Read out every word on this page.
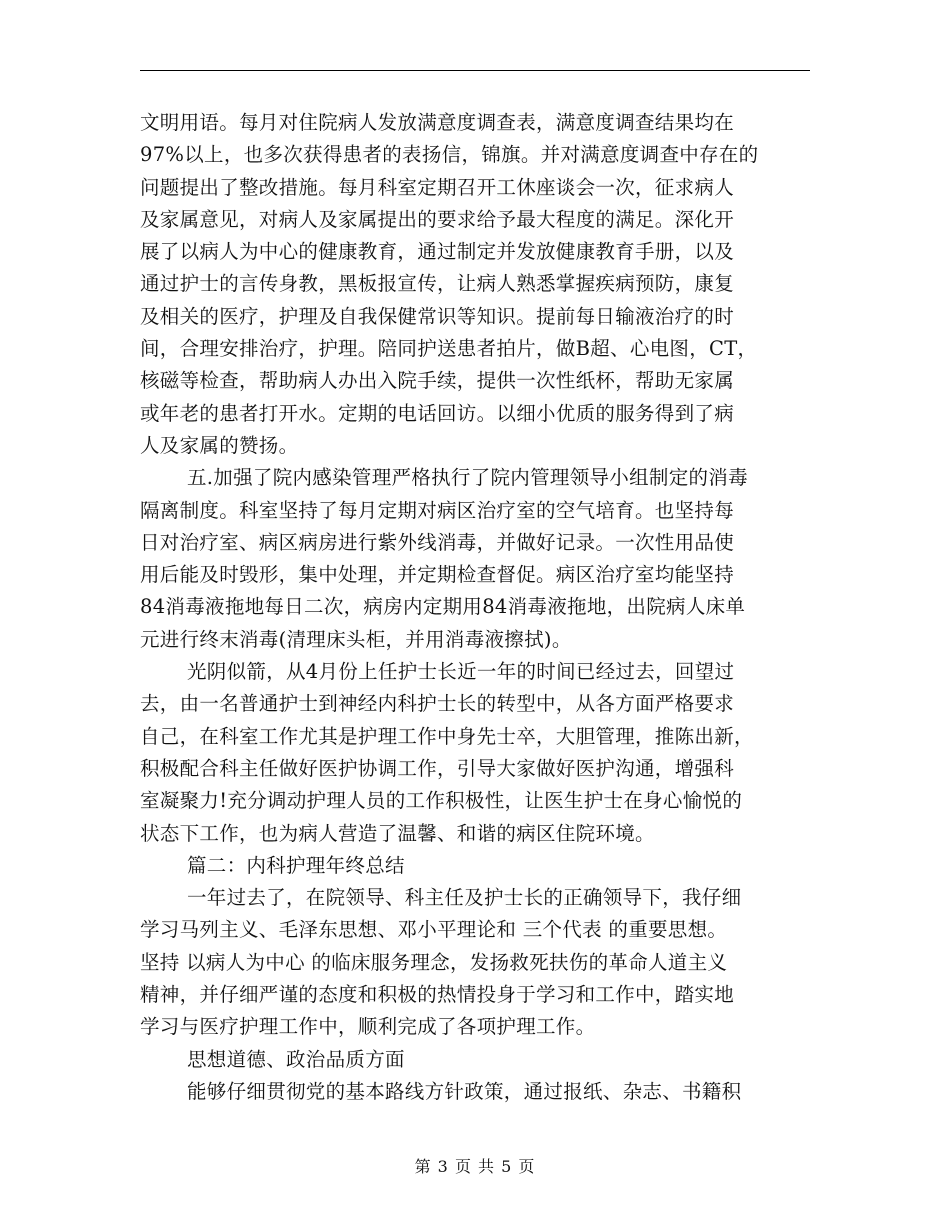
文明用语。每月对住院病人发放满意度调查表，满意度调查结果均在
97%以上，也多次获得患者的表扬信，锦旗。并对满意度调查中存在的
问题提出了整改措施。每月科室定期召开工休座谈会一次，征求病人
及家属意见，对病人及家属提出的要求给予最大程度的满足。深化开
展了以病人为中心的健康教育，通过制定并发放健康教育手册，以及
通过护士的言传身教，黑板报宣传，让病人熟悉掌握疾病预防，康复
及相关的医疗，护理及自我保健常识等知识。提前每日输液治疗的时
间，合理安排治疗，护理。陪同护送患者拍片，做B超、心电图，CT，
核磁等检查，帮助病人办出入院手续，提供一次性纸杯，帮助无家属
或年老的患者打开水。定期的电话回访。以细小优质的服务得到了病
人及家属的赞扬。
五.加强了院内感染管理严格执行了院内管理领导小组制定的消毒
隔离制度。科室坚持了每月定期对病区治疗室的空气培育。也坚持每
日对治疗室、病区病房进行紫外线消毒，并做好记录。一次性用品使
用后能及时毁形，集中处理，并定期检查督促。病区治疗室均能坚持
84消毒液拖地每日二次，病房内定期用84消毒液拖地，出院病人床单
元进行终末消毒(清理床头柜，并用消毒液擦拭)。
光阴似箭，从4月份上任护士长近一年的时间已经过去，回望过
去，由一名普通护士到神经内科护士长的转型中，从各方面严格要求
自己，在科室工作尤其是护理工作中身先士卒，大胆管理，推陈出新，
积极配合科主任做好医护协调工作，引导大家做好医护沟通，增强科
室凝聚力!充分调动护理人员的工作积极性，让医生护士在身心愉悦的
状态下工作，也为病人营造了温馨、和谐的病区住院环境。
篇二：内科护理年终总结
一年过去了，在院领导、科主任及护士长的正确领导下，我仔细
学习马列主义、毛泽东思想、邓小平理论和 三个代表 的重要思想。
坚持 以病人为中心 的临床服务理念，发扬救死扶伤的革命人道主义
精神，并仔细严谨的态度和积极的热情投身于学习和工作中，踏实地
学习与医疗护理工作中，顺利完成了各项护理工作。
思想道德、政治品质方面
能够仔细贯彻党的基本路线方针政策，通过报纸、杂志、书籍积
第 3 页 共 5 页
